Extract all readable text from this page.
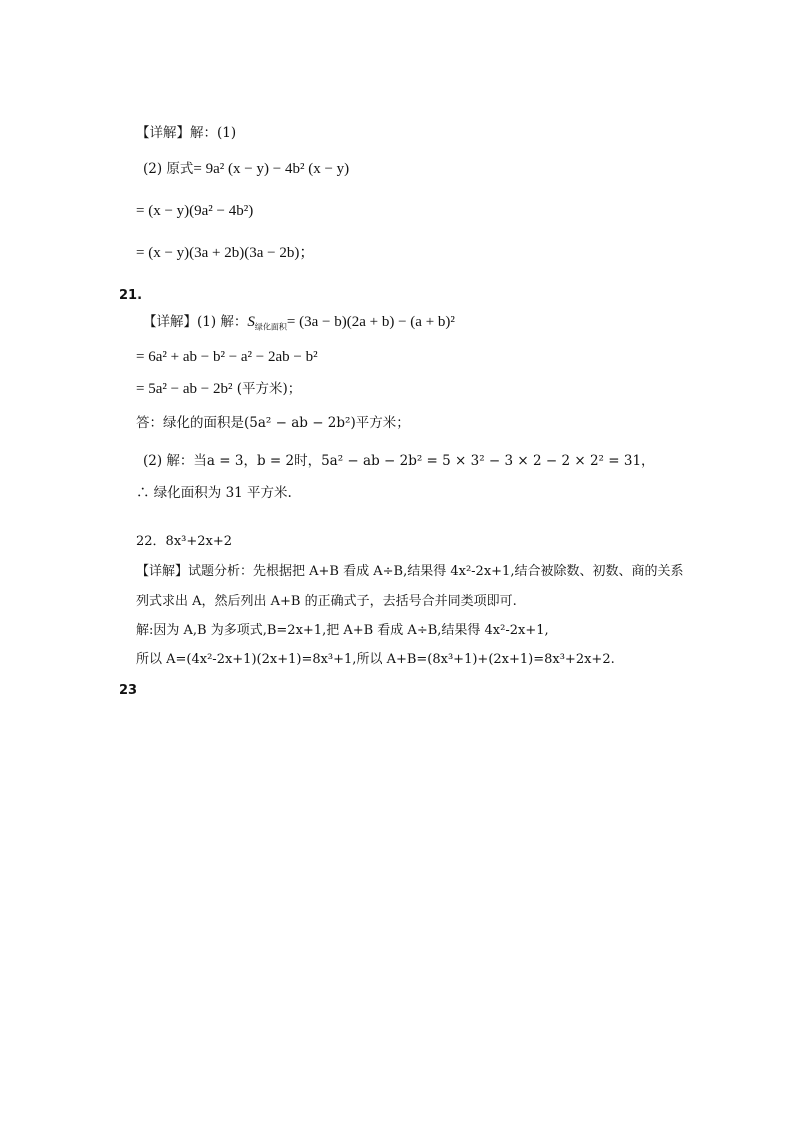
【详解】解：(1)
(2) 原式= 9a² (x − y) − 4b² (x − y)
= (x − y)(9a² − 4b²)
= (x − y)(3a + 2b)(3a − 2b)；
21.
【详解】(1) 解：$S_{绿化面积}= (3a - b)(2a + b) - (a + b)^2$
= 6a² + ab − b² − a² − 2ab − b²
= 5a² − ab − 2b² (平方米)；
答：绿化的面积是(5a² − ab − 2b²)平方米；
(2) 解：当a = 3，b = 2时，5a² − ab − 2b² = 5 × 3² − 3 × 2 − 2 × 2² = 31，
∴ 绿化面积为 31 平方米.
22．8x³+2x+2
【详解】试题分析：先根据把 A+B 看成 A÷B,结果得 4x²-2x+1,结合被除数、初数、商的关系
列式求出 A，然后列出 A+B 的正确式子，去括号合并同类项即可.
解:因为 A,B 为多项式,B=2x+1,把 A+B 看成 A÷B,结果得 4x²-2x+1,
所以 A=(4x²-2x+1)(2x+1)=8x³+1,所以 A+B=(8x³+1)+(2x+1)=8x³+2x+2.
23
